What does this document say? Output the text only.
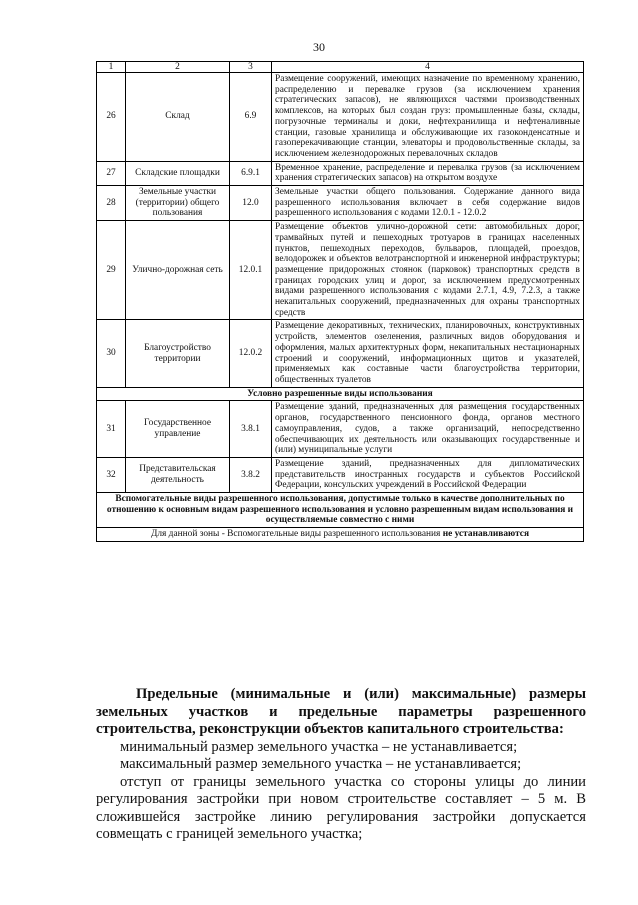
30
1	2	3	4
26	Склад	6.9	Размещение сооружений, имеющих назначение по временному хранению, распределению и перевалке грузов (за исключением хранения стратегических запасов), не являющихся частями производственных комплексов, на которых был создан груз: промышленные базы, склады, погрузочные терминалы и доки, нефтехранилища и нефтеналивные станции, газовые хранилища и обслуживающие их газоконденсатные и газоперекачивающие станции, элеваторы и продовольственные склады, за исключением железнодорожных перевалочных складов
27	Складские площадки	6.9.1	Временное хранение, распределение и перевалка грузов (за исключением хранения стратегических запасов) на открытом воздухе
28	Земельные участки (территории) общего пользования	12.0	Земельные участки общего пользования. Содержание данного вида разрешенного использования включает в себя содержание видов разрешенного использования с кодами 12.0.1 - 12.0.2
29	Улично-дорожная сеть	12.0.1	Размещение объектов улично-дорожной сети: автомобильных дорог, трамвайных путей и пешеходных тротуаров в границах населенных пунктов, пешеходных переходов, бульваров, площадей, проездов, велодорожек и объектов велотранспортной и инженерной инфраструктуры; размещение придорожных стоянок (парковок) транспортных средств в границах городских улиц и дорог, за исключением предусмотренных видами разрешенного использования с кодами 2.7.1, 4.9, 7.2.3, а также некапитальных сооружений, предназначенных для охраны транспортных средств
30	Благоустройство территории	12.0.2	Размещение декоративных, технических, планировочных, конструктивных устройств, элементов озеленения, различных видов оборудования и оформления, малых архитектурных форм, некапитальных нестационарных строений и сооружений, информационных щитов и указателей, применяемых как составные части благоустройства территории, общественных туалетов
Условно разрешенные виды использования			
31	Государственное управление	3.8.1	Размещение зданий, предназначенных для размещения государственных органов, государственного пенсионного фонда, органов местного самоуправления, судов, а также организаций, непосредственно обеспечивающих их деятельность или оказывающих государственные и (или) муниципальные услуги
32	Представительская деятельность	3.8.2	Размещение зданий, предназначенных для дипломатических представительств иностранных государств и субъектов Российской Федерации, консульских учреждений в Российской Федерации
Вспомогательные виды разрешенного использования, допустимые только в качестве дополнительных по отношению к основным видам разрешенного использования и условно разрешенным видам использования и осуществляемые совместно с ними			
Для данной зоны - Вспомогательные виды разрешенного использования не устанавливаются			

Предельные (минимальные и (или) максимальные) размеры земельных участков и предельные параметры разрешенного строительства, реконструкции объектов капитального строительства:

минимальный размер земельного участка – не устанавливается;

максимальный размер земельного участка – не устанавливается;

отступ от границы земельного участка со стороны улицы до линии регулирования застройки при новом строительстве составляет – 5 м. В сложившейся застройке линию регулирования застройки допускается совмещать с границей земельного участка;
